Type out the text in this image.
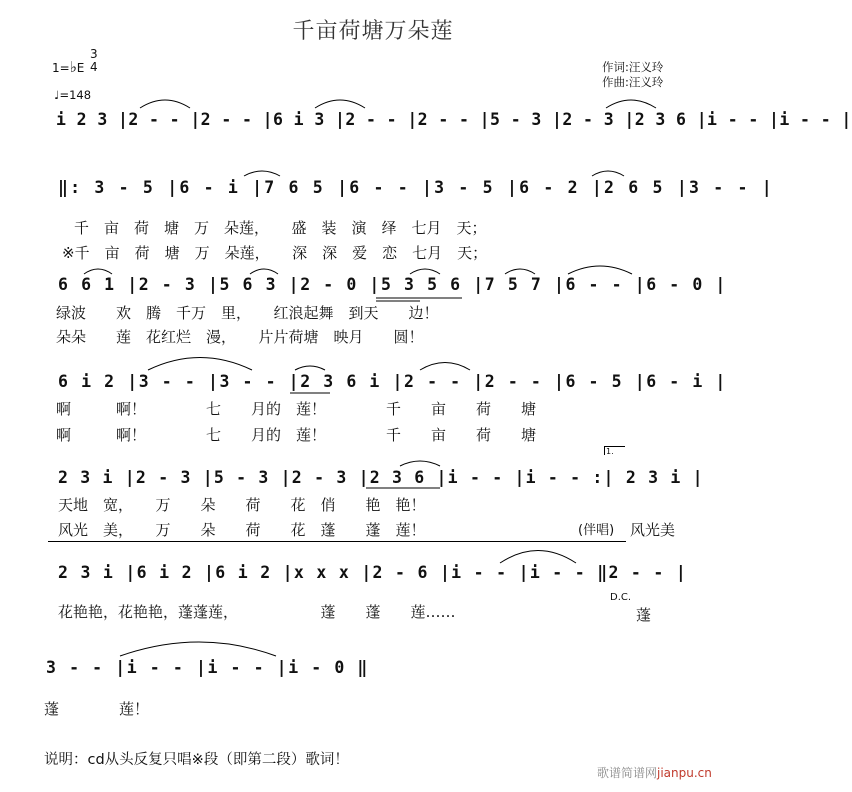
千亩荷塘万朵莲
作词:汪义玲
作曲:汪义玲
1=♭E
3
4
♩=148
i 2 3 |2 - - |2 - - |6 i 3 |2 - - |2 - - |5 - 3 |2 - 3 |2 3 6 |i - - |i - - |
‖: 3 - 5 |6 - i |7 6 5 |6 - - |3 - 5 |6 - 2 |2 6 5 |3 - - |
千　亩　荷　塘　万　朵莲，　　盛　装　演　绎　七月　天；
※千　亩　荷　塘　万　朵莲，　　深　深　爱　恋　七月　天；
6 6 1 |2 - 3 |5 6 3 |2 - 0 |5 3 5 6 |7 5 7 |6 - - |6 - 0 |
绿波　　欢　腾　千万　里，　　红浪起舞　到天　　边！
朵朵　　莲　花红烂　漫，　　片片荷塘　映月　　圆！
6 i 2 |3 - - |3 - - |2 3 6 i |2 - - |2 - - |6 - 5 |6 - i |
啊　　　啊！　　　　七　　月的　莲！　　　　千　　亩　　荷　　塘
啊　　　啊！　　　　七　　月的　莲！　　　　千　　亩　　荷　　塘
2 3 i |2 - 3 |5 - 3 |2 - 3 |2 3 6 |i - - |i - - :| 2 3 i |
天地　宽，　　万　　朵　　荷　　花　俏　　艳　艳！
风光　美，　　万　　朵　　荷　　花　蓬　　蓬　莲！	(伴唱) 风光美
1.
2 3 i |6 i 2 |6 i 2 |x x x |2 - 6 |i - - |i - - ‖2 - - |
D.C.
花艳艳，花艳艳，蓬蓬莲，　　　　　　蓬　　蓬　　莲……	蓬
3 - - |i - - |i - - |i - 0 ‖
蓬　　　　莲！
说明：cd从头反复只唱※段（即第二段）歌词！
歌谱简谱网jianpu.cn
